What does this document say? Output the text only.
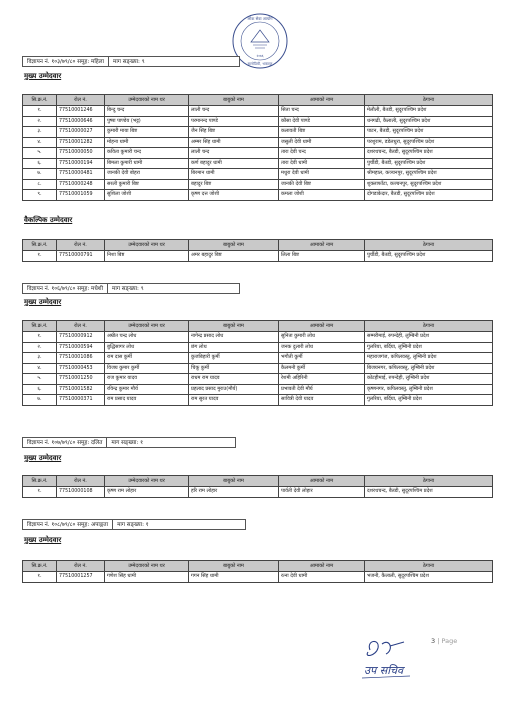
लोक सेवा आयोग
सानोठिमी, भक्तपुर
२०७६
विज्ञापन नं. १०३/७९/८० समूह: महिला	माग सङ्ख्या: ९
मुख्य उम्मेदवार
सि.क्र.नं.	रोल नं.	उम्मेदवारको नाम थर	बाबुको नाम	आमाको नाम	ठेगाना
१.	77510001246	बिन्दु चन्द	लाली चन्द	सिता चन्द	मेलौली, बैतडी, सुदूरपश्चिम प्रदेश
२.	77510000646	पुष्पा पाण्डेय (भट्ट)	परमानन्द पाण्डे	कौसा देवी पाण्डे	धनगढी, कैलाली, सुदूरपश्चिम प्रदेश
३.	77510000027	कुमारी माया बिष्ट	जैन सिंह बिष्ट	कलावती बिष्ट	पाटन, बैतडी, सुदूरपश्चिम प्रदेश
४.	77510001282	मोहना धामी	अम्मर सिंह धामी	जसुली देवी धामी	परशुराम, डडेलधुरा, सुदूरपश्चिम प्रदेश
५.	77510000050	कविता कुमारी चन्द	लाली चन्द	तारा देवी चन्द	दशरथचन्द, बैतडी, सुदूरपश्चिम प्रदेश
६.	77510000194	बिमला कुमारी धामी	कर्ण बहादुर धामी	तारा देवी धामी	पुर्चौडी, बैतडी, सुदूरपश्चिम प्रदेश
७.	77510000481	जानकी देवी बोहरा	बिरमान धामी	मधुरा देवी धामी	श्रीमहाल, कञ्चनपुर, सुदूरपश्चिम प्रदेश
८.	77510000248	सरली कुमारी बिष्ट	बहादुर बिष्ट	जानकी देवी बिष्ट	शुक्लाफाँटा, कञ्चनपुर, सुदूरपश्चिम प्रदेश
९.	77510001059	सुशिला जोशी	कृष्ण दत्त जोशी	कमला जोशी	दोगडाकेदार, बैतडी, सुदूरपश्चिम प्रदेश
वैकल्पिक उम्मेदवार
सि.क्र.नं.	रोल नं.	उम्मेदवारको नाम थर	बाबुको नाम	आमाको नाम	ठेगाना
१.	77510000791	निशा बिष्ट	अमर बहादुर बिष्ट	लिला बिष्ट	पुर्चौडी, बैतडी, सुदूरपश्चिम प्रदेश
विज्ञापन नं. १०६/७९/८० समूह: मधेशी	माग सङ्ख्या: ९
मुख्य उम्मेदवार
सि.क्र.नं.	रोल नं.	उम्मेदवारको नाम थर	बाबुको नाम	आमाको नाम	ठेगाना
१.	77510000912	अम्रीत चन्द्र लोध	नागेन्द्र प्रसाद लोध	सुनिता कुमारी लोध	सम्मरीमाई, रुपन्देही, लुम्बिनी प्रदेश
२.	77510000594	बुद्धिसागर लोध	छंग लोध	जनक दुलारी लोध	गुलरिया, बर्दिया, लुम्बिनी प्रदेश
३.	77510001086	राम दास कुर्मी	कुजबिहारी कुर्मी	भगौती कुर्मी	महाराजगंज, कपिलवस्तु, लुम्बिनी प्रदेश
४.	77510000453	विजय कुमार कुर्मी	चिकू कुर्मी	कैलमनी कुर्मी	बिजयनगर, कपिलवस्तु, लुम्बिनी प्रदेश
५.	77510001250	राज कुमार यादव	राधम राम यादव	रेशमी अहिरिनी	कोटहीमाई, रुपन्देही, लुम्बिनी प्रदेश
६.	77510001582	रविन्द्र कुमार मौर्य	प्रहलाद प्रसाद मुराउ(मौर्य)	प्रभावती देवी मौर्य	कृष्णनगर, कपिलवस्तु, लुम्बिनी प्रदेश
७.	77510000371	राम प्रसाद यादव	राम सुरत यादव	सावित्री देवी यादव	गुलरिया, बर्दिया, लुम्बिनी प्रदेश
विज्ञापन नं. १०७/७९/८० समूह: दलित	माग सङ्ख्या: १
मुख्य उम्मेदवार
सि.क्र.नं.	रोल नं.	उम्मेदवारको नाम थर	बाबुको नाम	आमाको नाम	ठेगाना
१.	77510000108	कृष्ण राम लोहार	हरि राम लोहार	पार्वती देवी लोहार	दशरथचन्द, बैतडी, सुदूरपश्चिम प्रदेश
विज्ञापन नं. १०८/७९/८० समूह: अपाङ्गता	माग सङ्ख्या: १
मुख्य उम्मेदवार
सि.क्र.नं.	रोल नं.	उम्मेदवारको नाम थर	बाबुको नाम	आमाको नाम	ठेगाना
१.	77510001257	गणेश सिंह धामी	गगन सिंह धामी	रत्ना देवी धामी	भजनी, कैलाली, सुदूरपश्चिम प्रदेश
उप सचिव
3 | Page
